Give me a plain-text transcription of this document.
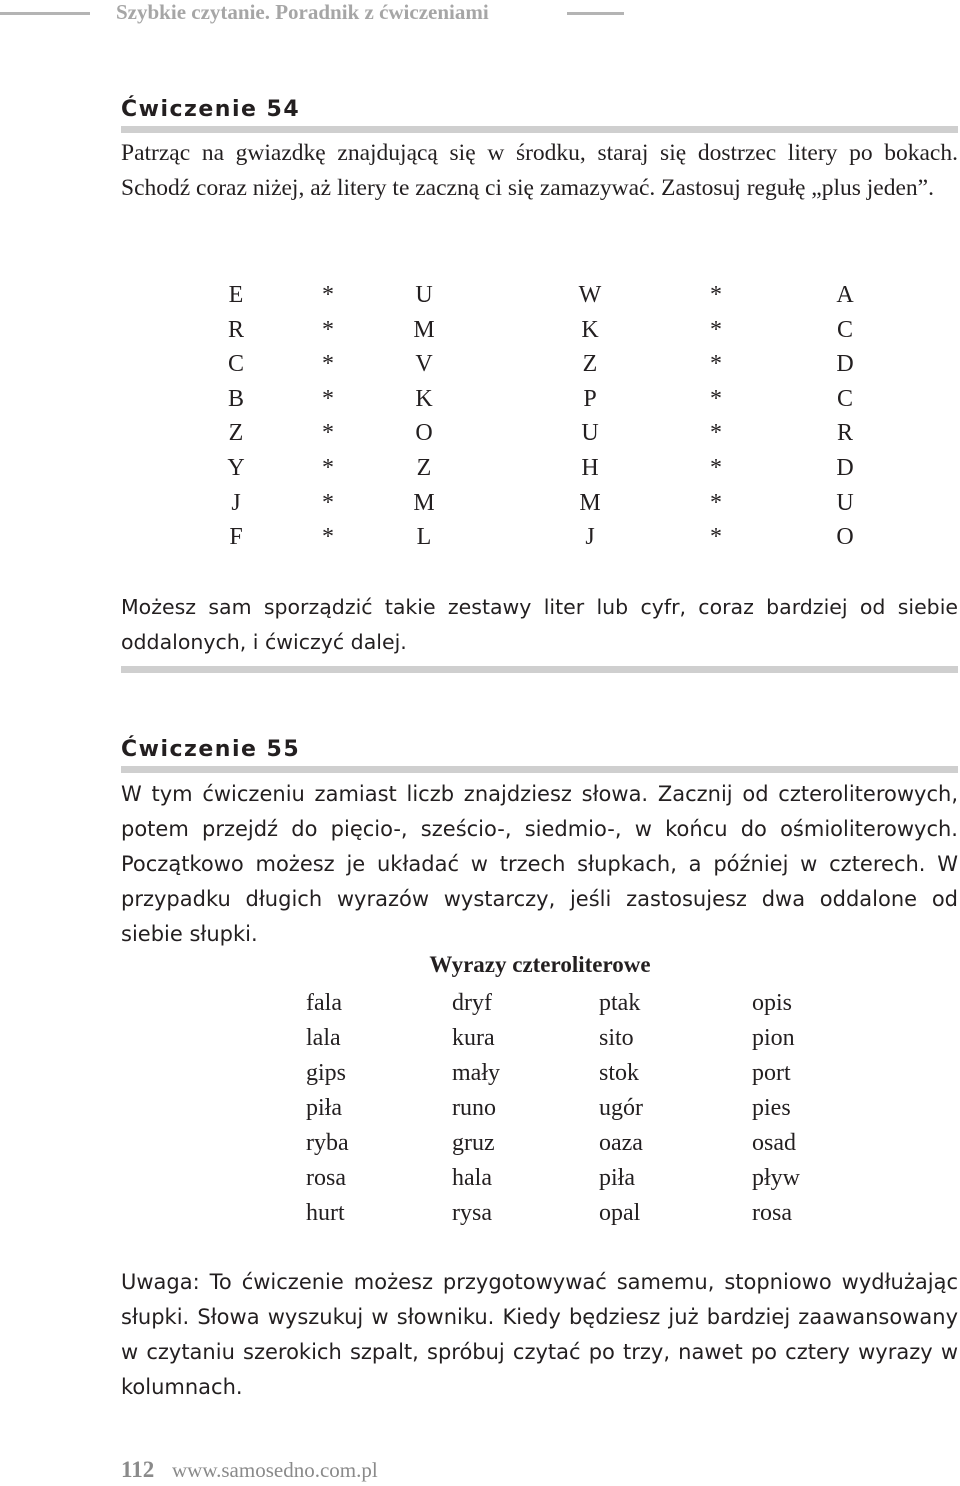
Szybkie czytanie. Poradnik z ćwiczeniami
Ćwiczenie 54

Patrząc na gwiazdkę znajdującą się w środku, staraj się dostrzec litery po bokach. Schodź coraz niżej, aż litery te zaczną ci się zamazywać. Zastosuj regułę „plus jeden”.

E	*	U	W	*	A
R	*	M	K	*	C
C	*	V	Z	*	D
B	*	K	P	*	C
Z	*	O	U	*	R
Y	*	Z	H	*	D
J	*	M	M	*	U
F	*	L	J	*	O

Możesz sam sporządzić takie zestawy liter lub cyfr, coraz bardziej od siebie oddalonych, i ćwiczyć dalej.

Ćwiczenie 55

W tym ćwiczeniu zamiast liczb znajdziesz słowa. Zacznij od czteroliterowych, potem przejdź do pięcio-, sześcio-, siedmio-, w końcu do ośmioliterowych. Początkowo możesz je układać w trzech słupkach, a później w czterech. W przypadku długich wyrazów wystarczy, jeśli zastosujesz dwa oddalone od siebie słupki.

Wyrazy czteroliterowe
fala	dryf	ptak	opis
lala	kura	sito	pion
gips	mały	stok	port
piła	runo	ugór	pies
ryba	gruz	oaza	osad
rosa	hala	piła	pływ
hurt	rysa	opal	rosa

Uwaga: To ćwiczenie możesz przygotowywać samemu, stopniowo wydłużając słupki. Słowa wyszukuj w słowniku. Kiedy będziesz już bardziej zaawansowany w czytaniu szerokich szpalt, spróbuj czytać po trzy, nawet po cztery wyrazy w kolumnach.

112 www.samosedno.com.pl
